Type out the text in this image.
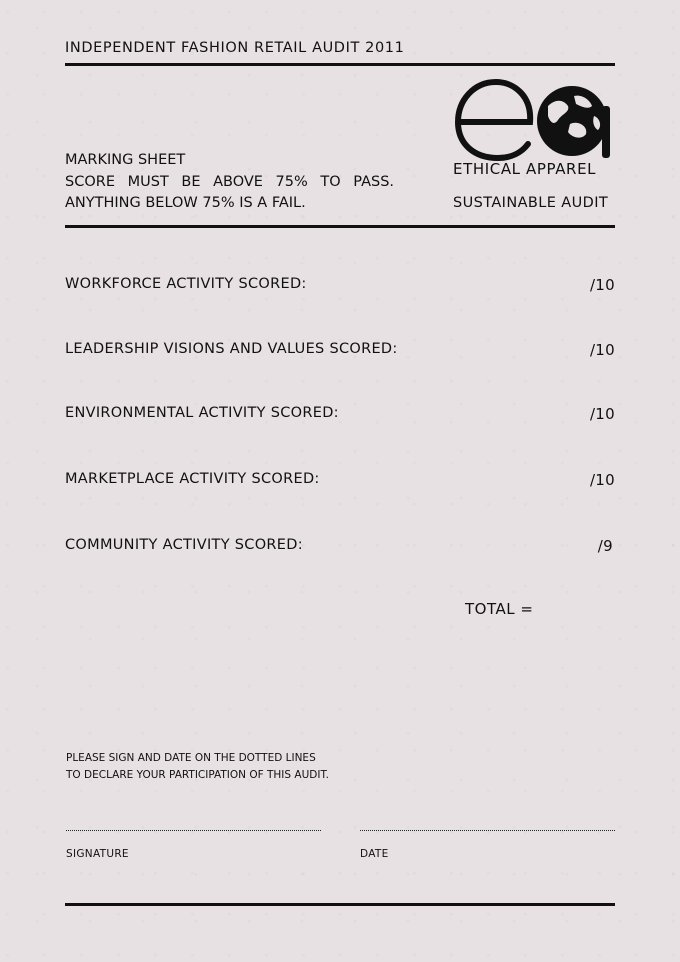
INDEPENDENT FASHION RETAIL AUDIT 2011
MARKING SHEET
SCORE MUST BE ABOVE 75% TO PASS.
ANYTHING BELOW 75% IS A FAIL.
ETHICAL APPAREL
SUSTAINABLE AUDIT
WORKFORCE ACTIVITY SCORED:	/10
LEADERSHIP VISIONS AND VALUES SCORED:	/10
ENVIRONMENTAL ACTIVITY SCORED:	/10
MARKETPLACE ACTIVITY SCORED:	/10
COMMUNITY ACTIVITY SCORED:	/9
TOTAL =
PLEASE SIGN AND DATE ON THE DOTTED LINES
TO DECLARE YOUR PARTICIPATION OF THIS AUDIT.
SIGNATURE	DATE
